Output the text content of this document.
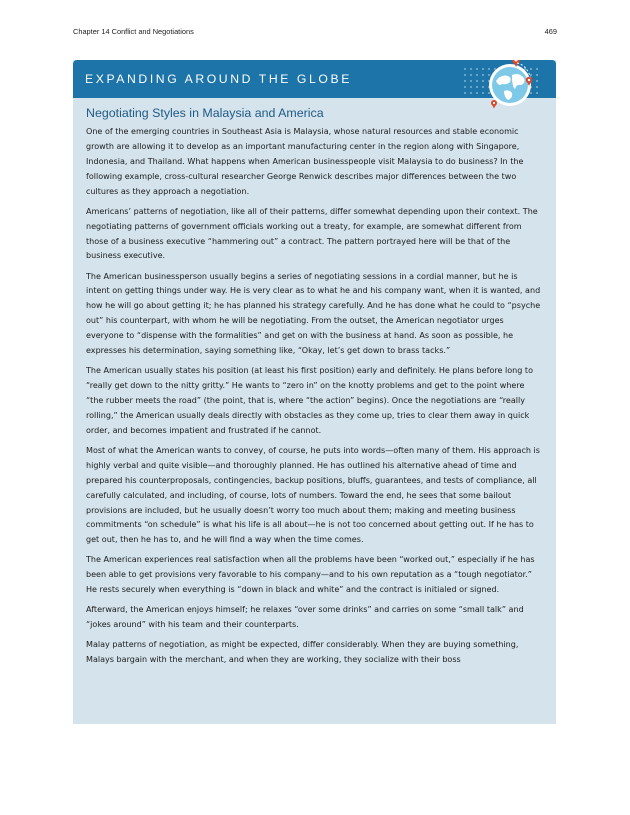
Chapter 14 Conflict and Negotiations	469
EXPANDING AROUND THE GLOBE
Negotiating Styles in Malaysia and America

One of the emerging countries in Southeast Asia is Malaysia, whose natural resources and stable economic growth are allowing it to develop as an important manufacturing center in the region along with Singapore, Indonesia, and Thailand. What happens when American businesspeople visit Malaysia to do business? In the following example, cross-cultural researcher George Renwick describes major differences between the two cultures as they approach a negotiation.

Americans’ patterns of negotiation, like all of their patterns, differ somewhat depending upon their context. The negotiating patterns of government officials working out a treaty, for example, are somewhat different from those of a business executive “hammering out” a contract. The pattern portrayed here will be that of the business executive.

The American businessperson usually begins a series of negotiating sessions in a cordial manner, but he is intent on getting things under way. He is very clear as to what he and his company want, when it is wanted, and how he will go about getting it; he has planned his strategy carefully. And he has done what he could to “psyche out” his counterpart, with whom he will be negotiating. From the outset, the American negotiator urges everyone to “dispense with the formalities” and get on with the business at hand. As soon as possible, he expresses his determination, saying something like, “Okay, let’s get down to brass tacks.”

The American usually states his position (at least his first position) early and definitely. He plans before long to “really get down to the nitty gritty.” He wants to “zero in” on the knotty problems and get to the point where “the rubber meets the road” (the point, that is, where “the action” begins). Once the negotiations are “really rolling,” the American usually deals directly with obstacles as they come up, tries to clear them away in quick order, and becomes impatient and frustrated if he cannot.

Most of what the American wants to convey, of course, he puts into words—often many of them. His approach is highly verbal and quite visible—and thoroughly planned. He has outlined his alternative ahead of time and prepared his counterproposals, contingencies, backup positions, bluffs, guarantees, and tests of compliance, all carefully calculated, and including, of course, lots of numbers. Toward the end, he sees that some bailout provisions are included, but he usually doesn’t worry too much about them; making and meeting business commitments “on schedule” is what his life is all about—he is not too concerned about getting out. If he has to get out, then he has to, and he will find a way when the time comes.

The American experiences real satisfaction when all the problems have been “worked out,” especially if he has been able to get provisions very favorable to his company—and to his own reputation as a “tough negotiator.” He rests securely when everything is “down in black and white” and the contract is initialed or signed.

Afterward, the American enjoys himself; he relaxes “over some drinks” and carries on some “small talk” and “jokes around” with his team and their counterparts.

Malay patterns of negotiation, as might be expected, differ considerably. When they are buying something, Malays bargain with the merchant, and when they are working, they socialize with their boss
